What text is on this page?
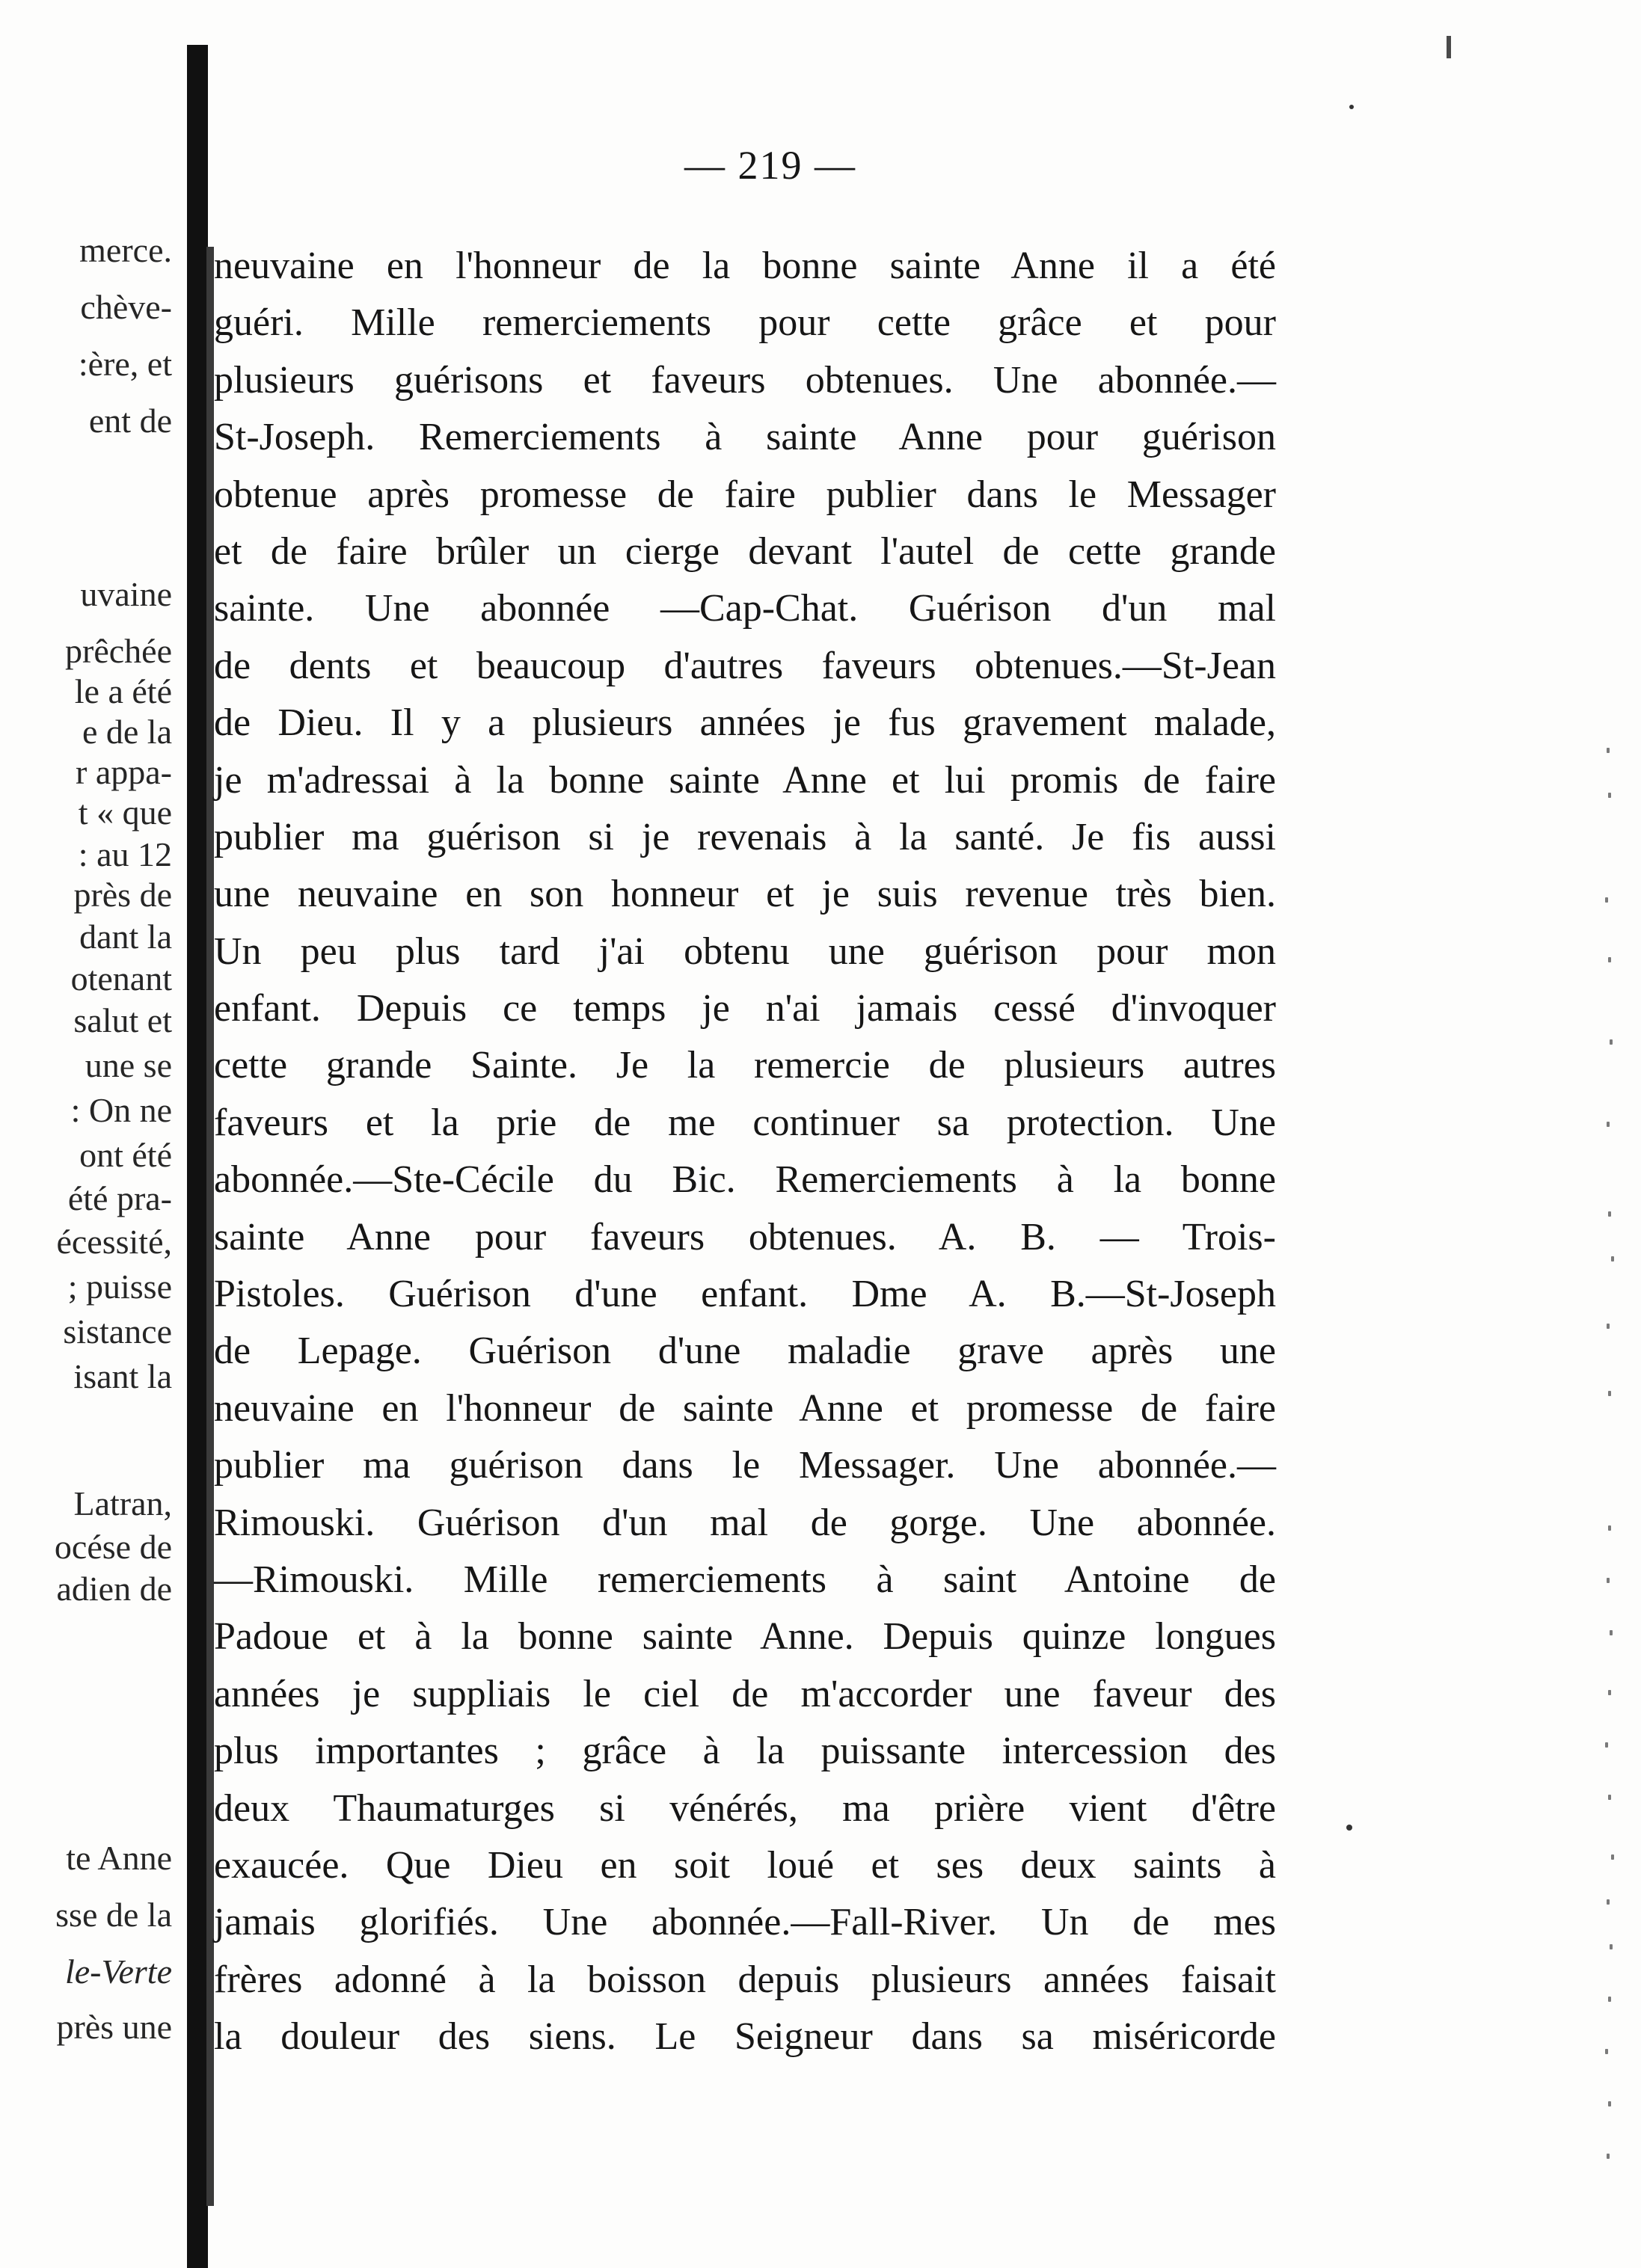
— 219 —
merce.
chève-
:ère, et
ent de
uvaine
prêchée
le a été
e de la
r appa-
t « que
: au 12
près de
dant la
otenant
salut et
une se
: On ne
ont été
été pra-
écessité,
; puisse
sistance
isant la
Latran,
océse de
adien de
te Anne
sse de la
le-Verte
près une
neuvaine en l'honneur de la bonne sainte Anne il a été
guéri. Mille remerciements pour cette grâce et pour
plusieurs guérisons et faveurs obtenues. Une abonnée.—
St-Joseph. Remerciements à sainte Anne pour guérison
obtenue après promesse de faire publier dans le Messager
et de faire brûler un cierge devant l'autel de cette grande
sainte. Une abonnée —Cap-Chat. Guérison d'un mal
de dents et beaucoup d'autres faveurs obtenues.—St-Jean
de Dieu. Il y a plusieurs années je fus gravement malade,
je m'adressai à la bonne sainte Anne et lui promis de faire
publier ma guérison si je revenais à la santé. Je fis aussi
une neuvaine en son honneur et je suis revenue très bien.
Un peu plus tard j'ai obtenu une guérison pour mon
enfant. Depuis ce temps je n'ai jamais cessé d'invoquer
cette grande Sainte. Je la remercie de plusieurs autres
faveurs et la prie de me continuer sa protection. Une
abonnée.—Ste-Cécile du Bic. Remerciements à la bonne
sainte Anne pour faveurs obtenues. A. B. — Trois-
Pistoles. Guérison d'une enfant. Dme A. B.—St-Joseph
de Lepage. Guérison d'une maladie grave après une
neuvaine en l'honneur de sainte Anne et promesse de faire
publier ma guérison dans le Messager. Une abonnée.—
Rimouski. Guérison d'un mal de gorge. Une abonnée.
—Rimouski. Mille remerciements à saint Antoine de
Padoue et à la bonne sainte Anne. Depuis quinze longues
années je suppliais le ciel de m'accorder une faveur des
plus importantes ; grâce à la puissante intercession des
deux Thaumaturges si vénérés, ma prière vient d'être
exaucée. Que Dieu en soit loué et ses deux saints à
jamais glorifiés. Une abonnée.—Fall-River. Un de mes
frères adonné à la boisson depuis plusieurs années faisait
la douleur des siens. Le Seigneur dans sa miséricorde
